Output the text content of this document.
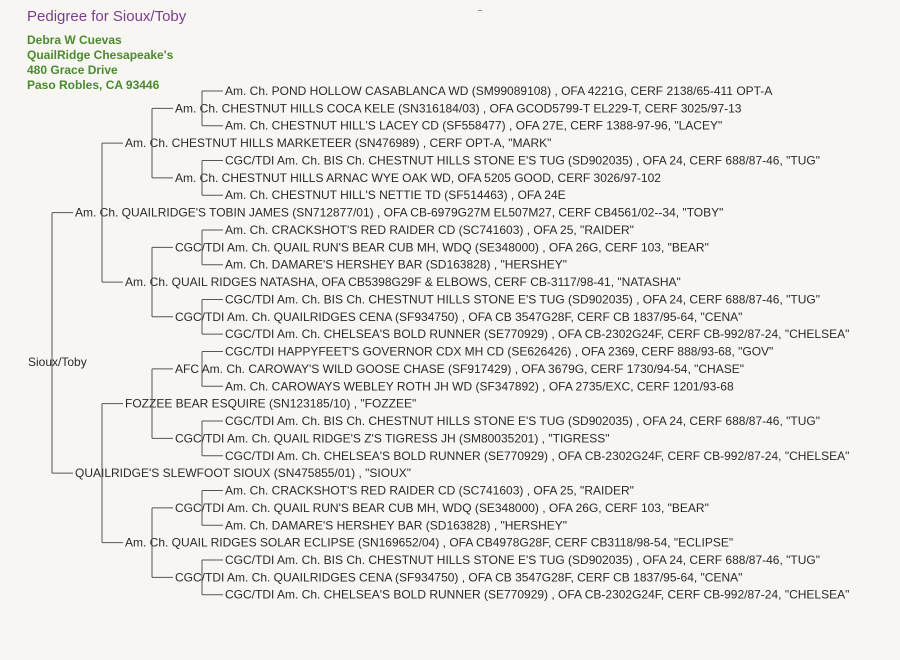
Pedigree for Sioux/Toby
Debra W Cuevas
QuailRidge Chesapeake's
480 Grace Drive
Paso Robles, CA 93446
Sioux/Toby
Am. Ch. POND HOLLOW CASABLANCA WD (SM99089108) , OFA 4221G, CERF 2138/65-411 OPT-A
Am. Ch. CHESTNUT HILLS COCA KELE (SN316184/03) , OFA GCOD5799-T EL229-T, CERF 3025/97-13
Am. Ch. CHESTNUT HILL'S LACEY CD (SF558477) , OFA 27E, CERF 1388-97-96, "LACEY"
Am. Ch. CHESTNUT HILLS MARKETEER (SN476989) , CERF OPT-A, "MARK"
CGC/TDI Am. Ch. BIS Ch. CHESTNUT HILLS STONE E'S TUG (SD902035) , OFA 24, CERF 688/87-46, "TUG"
Am. Ch. CHESTNUT HILLS ARNAC WYE OAK WD, OFA 5205 GOOD, CERF 3026/97-102
Am. Ch. CHESTNUT HILL'S NETTIE TD (SF514463) , OFA 24E
Am. Ch. QUAILRIDGE'S TOBIN JAMES (SN712877/01) , OFA CB-6979G27M EL507M27, CERF CB4561/02--34, "TOBY"
Am. Ch. CRACKSHOT'S RED RAIDER CD (SC741603) , OFA 25, "RAIDER"
CGC/TDI Am. Ch. QUAIL RUN'S BEAR CUB MH, WDQ (SE348000) , OFA 26G, CERF 103, "BEAR"
Am. Ch. DAMARE'S HERSHEY BAR (SD163828) , "HERSHEY"
Am. Ch. QUAIL RIDGES NATASHA, OFA CB5398G29F & ELBOWS, CERF CB-3117/98-41, "NATASHA"
CGC/TDI Am. Ch. BIS Ch. CHESTNUT HILLS STONE E'S TUG (SD902035) , OFA 24, CERF 688/87-46, "TUG"
CGC/TDI Am. Ch. QUAILRIDGES CENA (SF934750) , OFA CB 3547G28F, CERF CB 1837/95-64, "CENA"
CGC/TDI Am. Ch. CHELSEA'S BOLD RUNNER (SE770929) , OFA CB-2302G24F, CERF CB-992/87-24, "CHELSEA"
CGC/TDI HAPPYFEET'S GOVERNOR CDX MH CD (SE626426) , OFA 2369, CERF 888/93-68, "GOV"
AFC Am. Ch. CAROWAY'S WILD GOOSE CHASE (SF917429) , OFA 3679G, CERF 1730/94-54, "CHASE"
Am. Ch. CAROWAYS WEBLEY ROTH JH WD (SF347892) , OFA 2735/EXC, CERF 1201/93-68
FOZZEE BEAR ESQUIRE (SN123185/10) , "FOZZEE"
CGC/TDI Am. Ch. BIS Ch. CHESTNUT HILLS STONE E'S TUG (SD902035) , OFA 24, CERF 688/87-46, "TUG"
CGC/TDI Am. Ch. QUAIL RIDGE'S Z'S TIGRESS JH (SM80035201) , "TIGRESS"
CGC/TDI Am. Ch. CHELSEA'S BOLD RUNNER (SE770929) , OFA CB-2302G24F, CERF CB-992/87-24, "CHELSEA"
QUAILRIDGE'S SLEWFOOT SIOUX (SN475855/01) , "SIOUX"
Am. Ch. CRACKSHOT'S RED RAIDER CD (SC741603) , OFA 25, "RAIDER"
CGC/TDI Am. Ch. QUAIL RUN'S BEAR CUB MH, WDQ (SE348000) , OFA 26G, CERF 103, "BEAR"
Am. Ch. DAMARE'S HERSHEY BAR (SD163828) , "HERSHEY"
Am. Ch. QUAIL RIDGES SOLAR ECLIPSE (SN169652/04) , OFA CB4978G28F, CERF CB3118/98-54, "ECLIPSE"
CGC/TDI Am. Ch. BIS Ch. CHESTNUT HILLS STONE E'S TUG (SD902035) , OFA 24, CERF 688/87-46, "TUG"
CGC/TDI Am. Ch. QUAILRIDGES CENA (SF934750) , OFA CB 3547G28F, CERF CB 1837/95-64, "CENA"
CGC/TDI Am. Ch. CHELSEA'S BOLD RUNNER (SE770929) , OFA CB-2302G24F, CERF CB-992/87-24, "CHELSEA"
